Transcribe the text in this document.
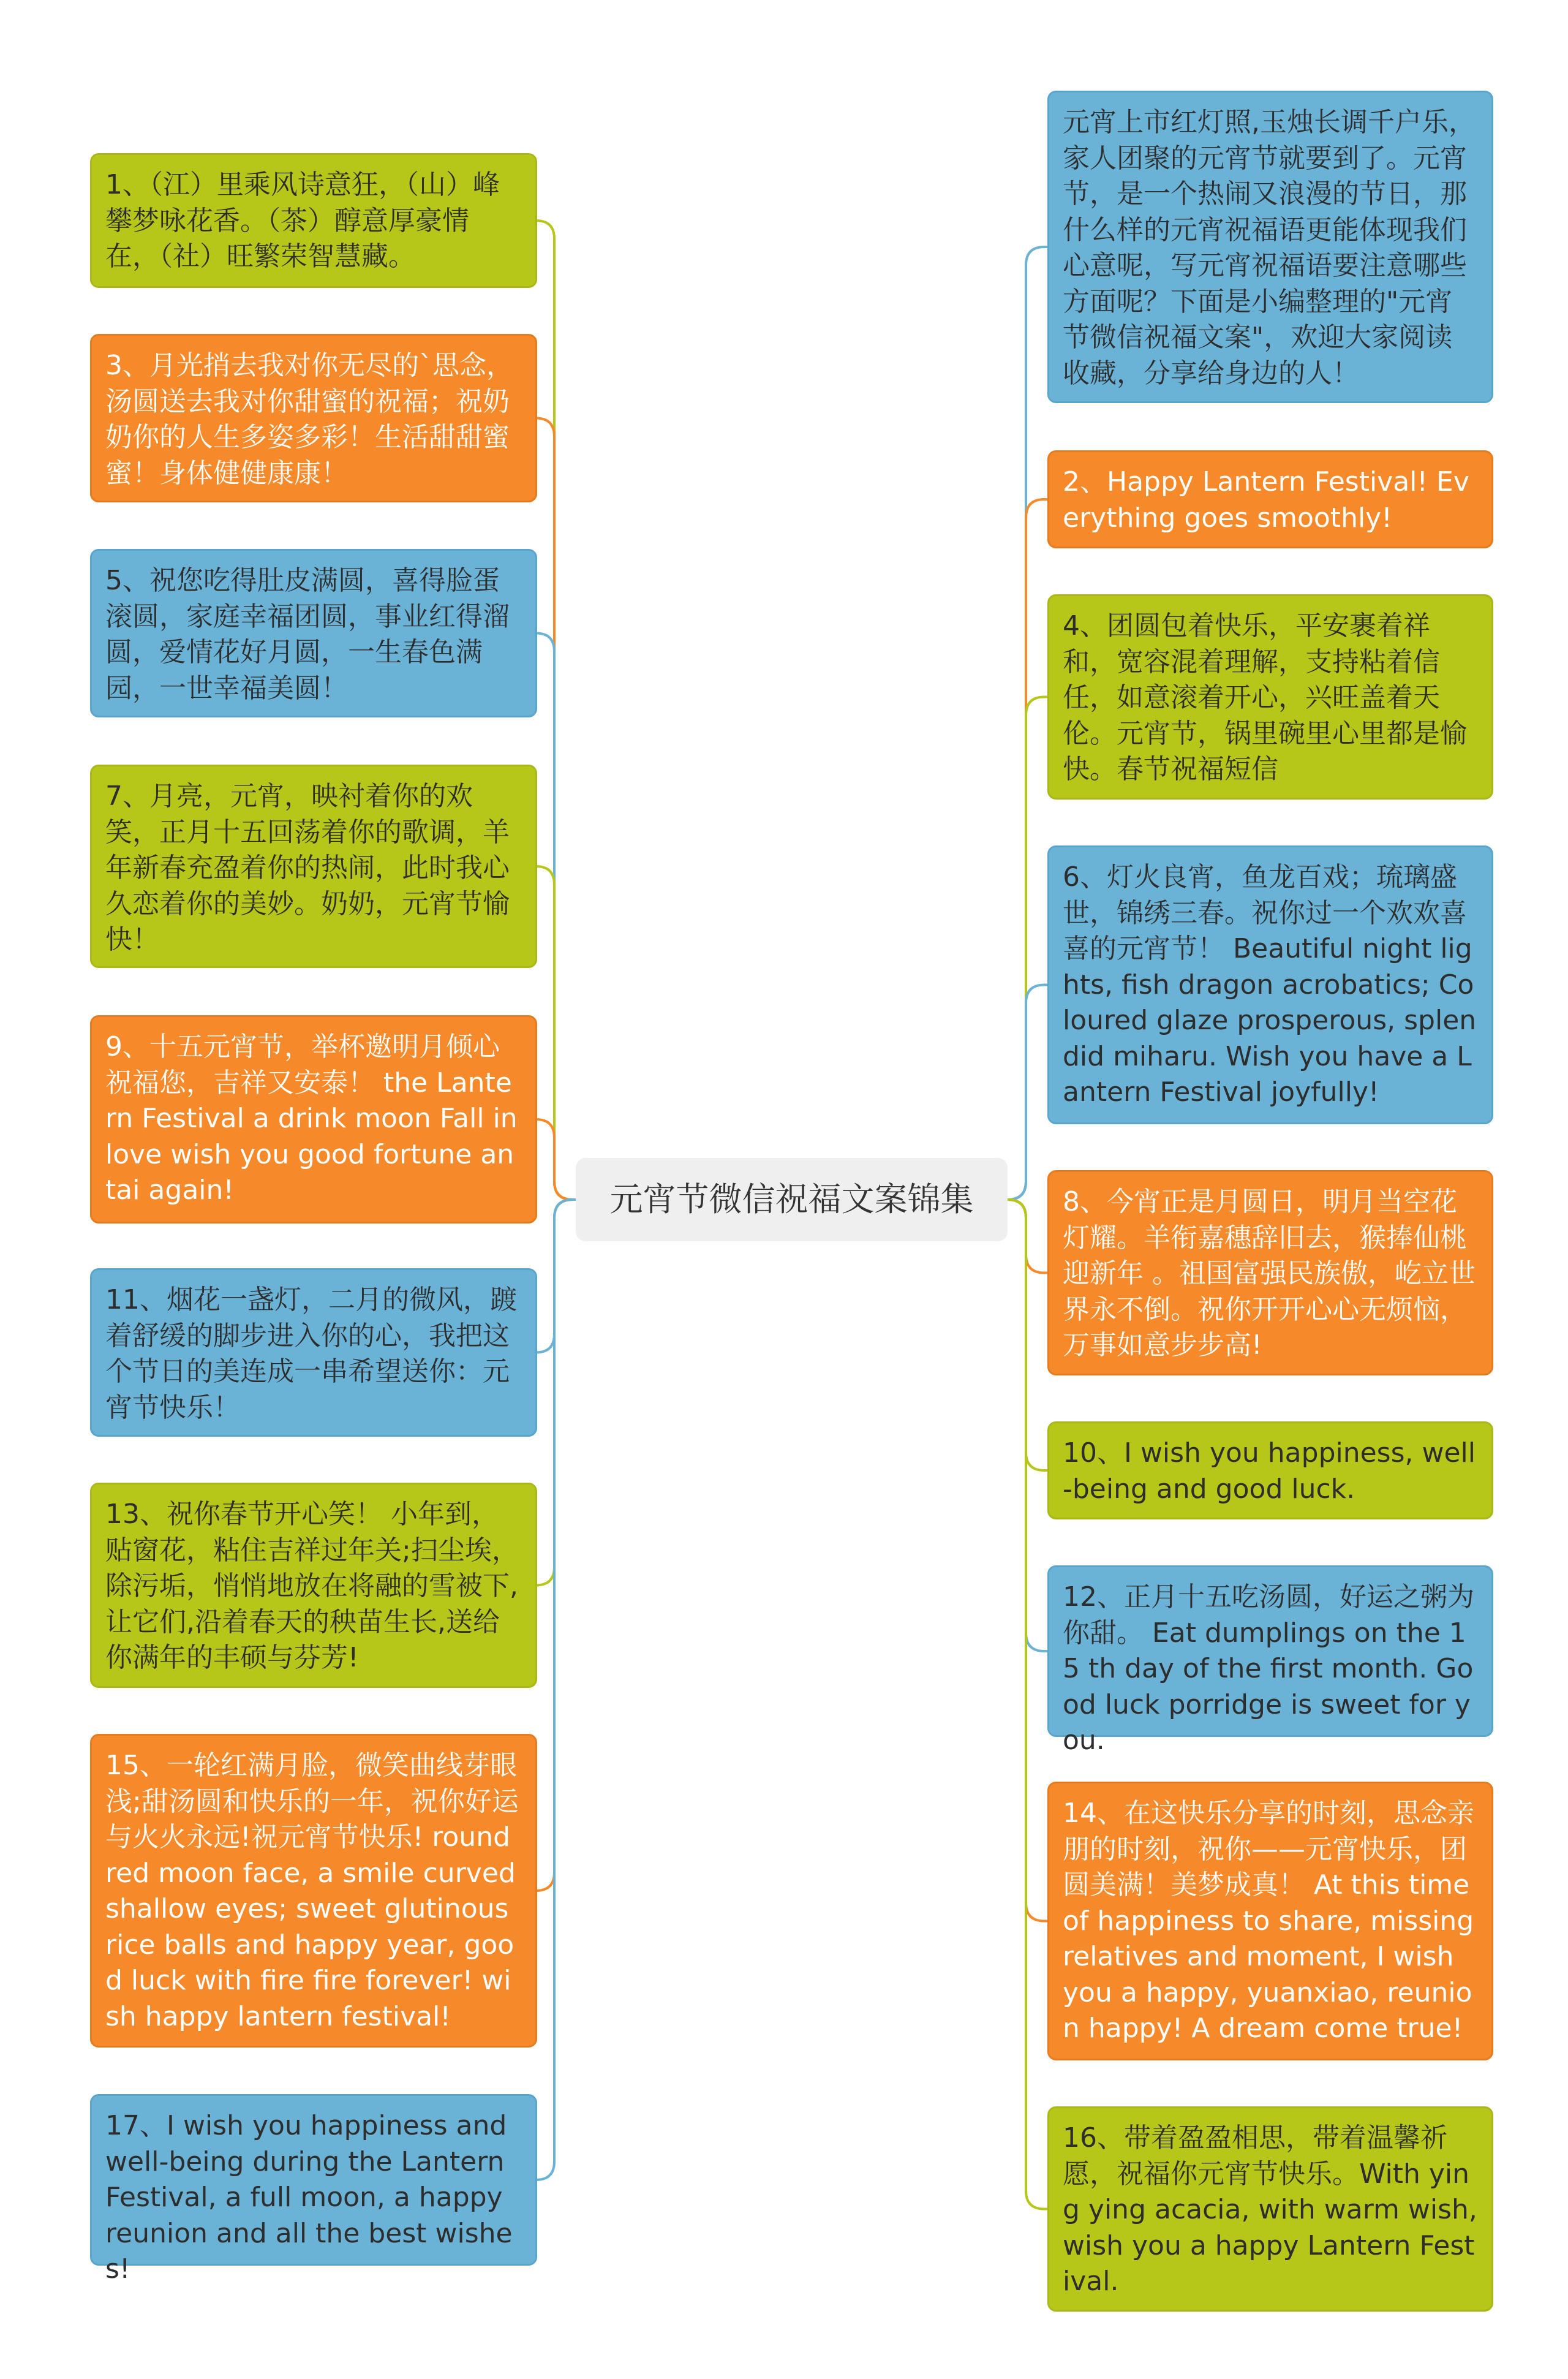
元宵节微信祝福文案锦集
1、（江）里乘风诗意狂，（山）峰攀梦咏花香。（茶）醇意厚豪情在，（社）旺繁荣智慧藏。
3、月光捎去我对你无尽的`思念，汤圆送去我对你甜蜜的祝福；祝奶奶你的人生多姿多彩！生活甜甜蜜蜜！身体健健康康！
5、祝您吃得肚皮满圆，喜得脸蛋滚圆，家庭幸福团圆，事业红得溜圆，爱情花好月圆，一生春色满园，一世幸福美圆！
7、月亮，元宵，映衬着你的欢笑，正月十五回荡着你的歌调，羊年新春充盈着你的热闹，此时我心久恋着你的美妙。奶奶，元宵节愉快！
9、十五元宵节，举杯邀明月倾心祝福您，吉祥又安泰！ the Lantern Festival a drink moon Fall in love wish you good fortune antai again!
11、烟花一盏灯，二月的微风，踱着舒缓的脚步进入你的心，我把这个节日的美连成一串希望送你：元宵节快乐！
13、祝你春节开心笑！ 小年到，贴窗花，粘住吉祥过年关;扫尘埃，除污垢，悄悄地放在将融的雪被下,让它们,沿着春天的秧苗生长,送给你满年的丰硕与芬芳!
15、一轮红满月脸，微笑曲线芽眼浅;甜汤圆和快乐的一年，祝你好运与火火永远!祝元宵节快乐! round red moon face, a smile curved shallow eyes; sweet glutinous rice balls and happy year, good luck with fire fire forever! wish happy lantern festival!
17、I wish you happiness and well-being during the Lantern Festival, a full moon, a happy reunion and all the best wishes!
元宵上市红灯照,玉烛长调千户乐，家人团聚的元宵节就要到了。元宵节，是一个热闹又浪漫的节日，那什么样的元宵祝福语更能体现我们心意呢，写元宵祝福语要注意哪些方面呢？下面是小编整理的"元宵节微信祝福文案"，欢迎大家阅读收藏，分享给身边的人！
2、Happy Lantern Festival! Everything goes smoothly!
4、团圆包着快乐，平安裹着祥和，宽容混着理解，支持粘着信任，如意滚着开心，兴旺盖着天伦。元宵节，锅里碗里心里都是愉快。春节祝福短信
6、灯火良宵，鱼龙百戏；琉璃盛世，锦绣三春。祝你过一个欢欢喜喜的元宵节！ Beautiful night lights, fish dragon acrobatics; Coloured glaze prosperous, splendid miharu. Wish you have a Lantern Festival joyfully!
8、今宵正是月圆日，明月当空花灯耀。羊衔嘉穗辞旧去，猴捧仙桃迎新年 。祖国富强民族傲，屹立世界永不倒。祝你开开心心无烦恼，万事如意步步高!
10、I wish you happiness, well-being and good luck.
12、正月十五吃汤圆，好运之粥为你甜。 Eat dumplings on the 15 th day of the first month. Good luck porridge is sweet for you.
14、在这快乐分享的时刻，思念亲朋的时刻，祝你——元宵快乐，团圆美满！美梦成真！ At this time of happiness to share, missing relatives and moment, I wish you a happy, yuanxiao, reunion happy! A dream come true!
16、带着盈盈相思，带着温馨祈愿，祝福你元宵节快乐。With ying ying acacia, with warm wish, wish you a happy Lantern Festival.
